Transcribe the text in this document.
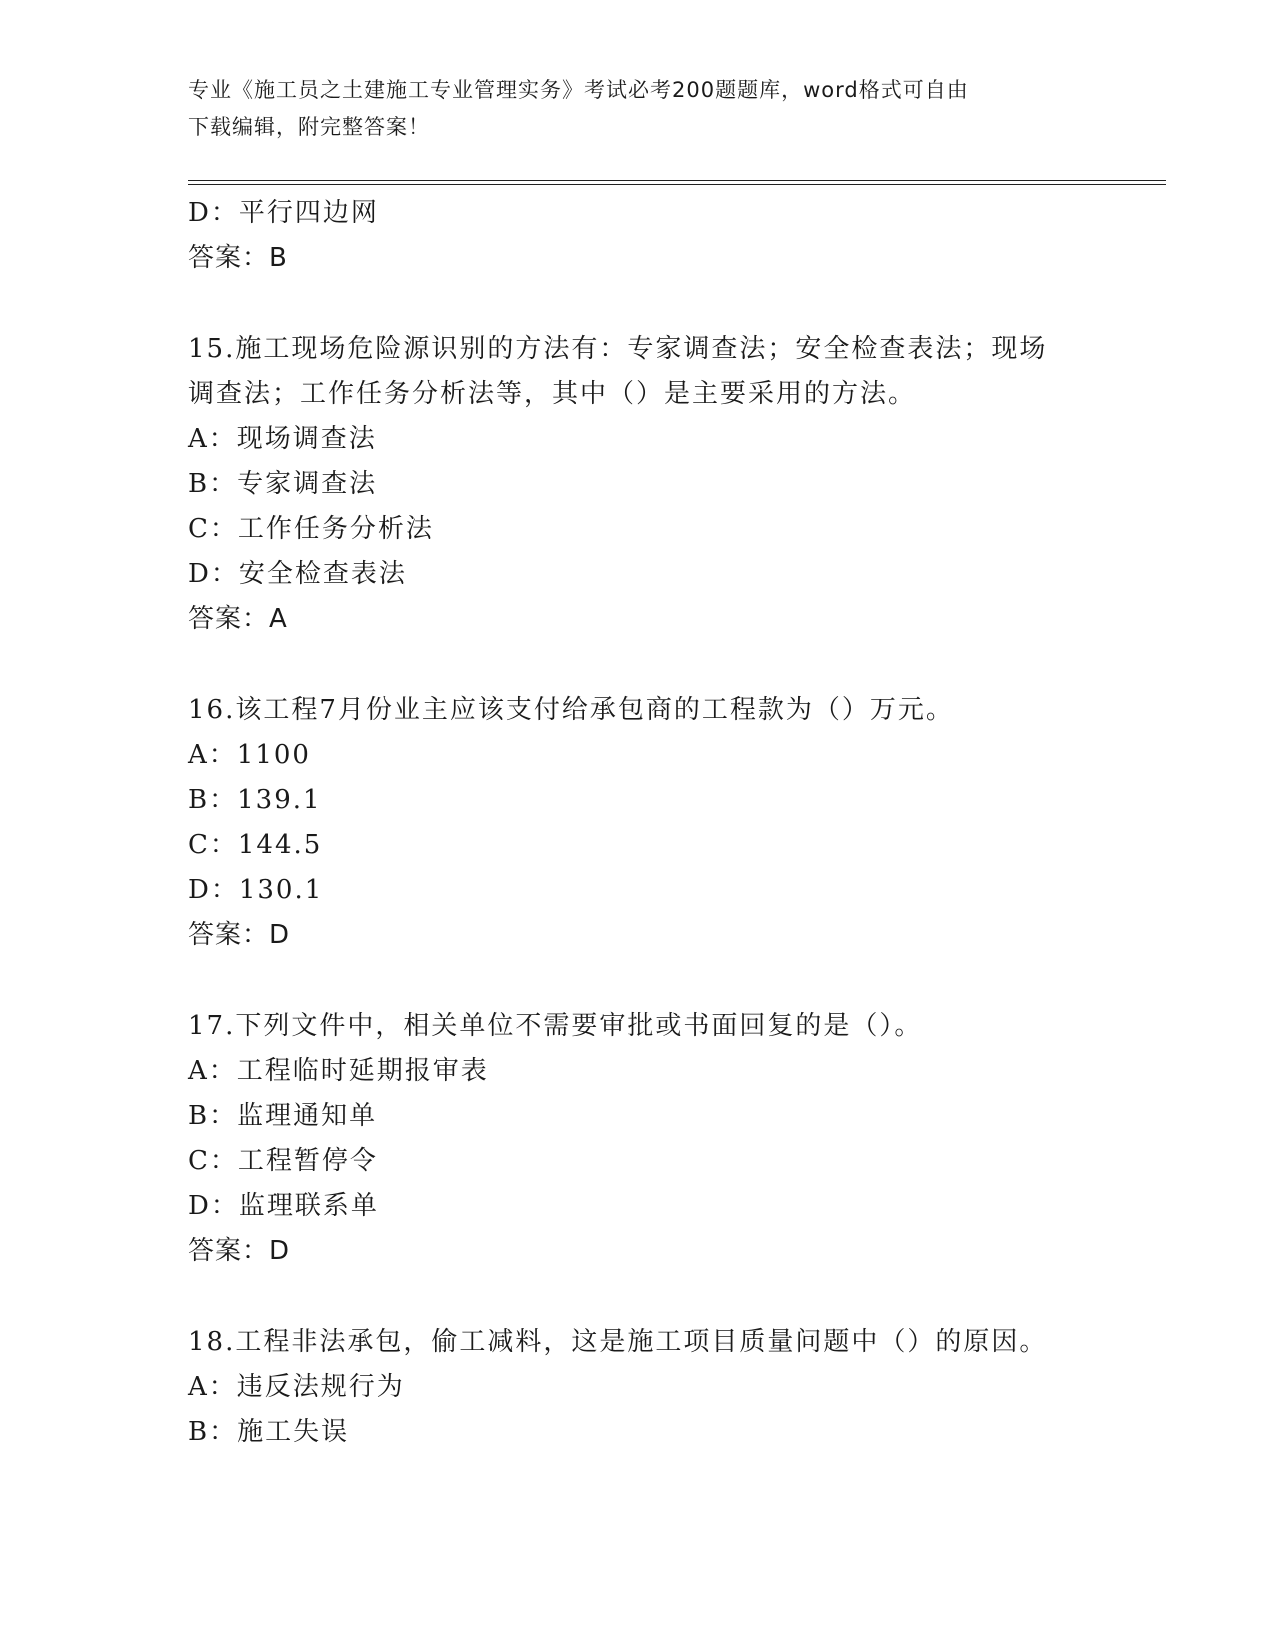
专业《施工员之土建施工专业管理实务》考试必考200题题库，word格式可自由
下载编辑，附完整答案！
D：平行四边网
答案：B
15.施工现场危险源识别的方法有：专家调查法；安全检查表法；现场
调查法；工作任务分析法等，其中（）是主要采用的方法。
A：现场调查法
B：专家调查法
C：工作任务分析法
D：安全检查表法
答案：A
16.该工程7月份业主应该支付给承包商的工程款为（）万元。
A：1100
B：139.1
C：144.5
D：130.1
答案：D
17.下列文件中，相关单位不需要审批或书面回复的是（）。
A：工程临时延期报审表
B：监理通知单
C：工程暂停令
D：监理联系单
答案：D
18.工程非法承包，偷工减料，这是施工项目质量问题中（）的原因。
A：违反法规行为
B：施工失误
